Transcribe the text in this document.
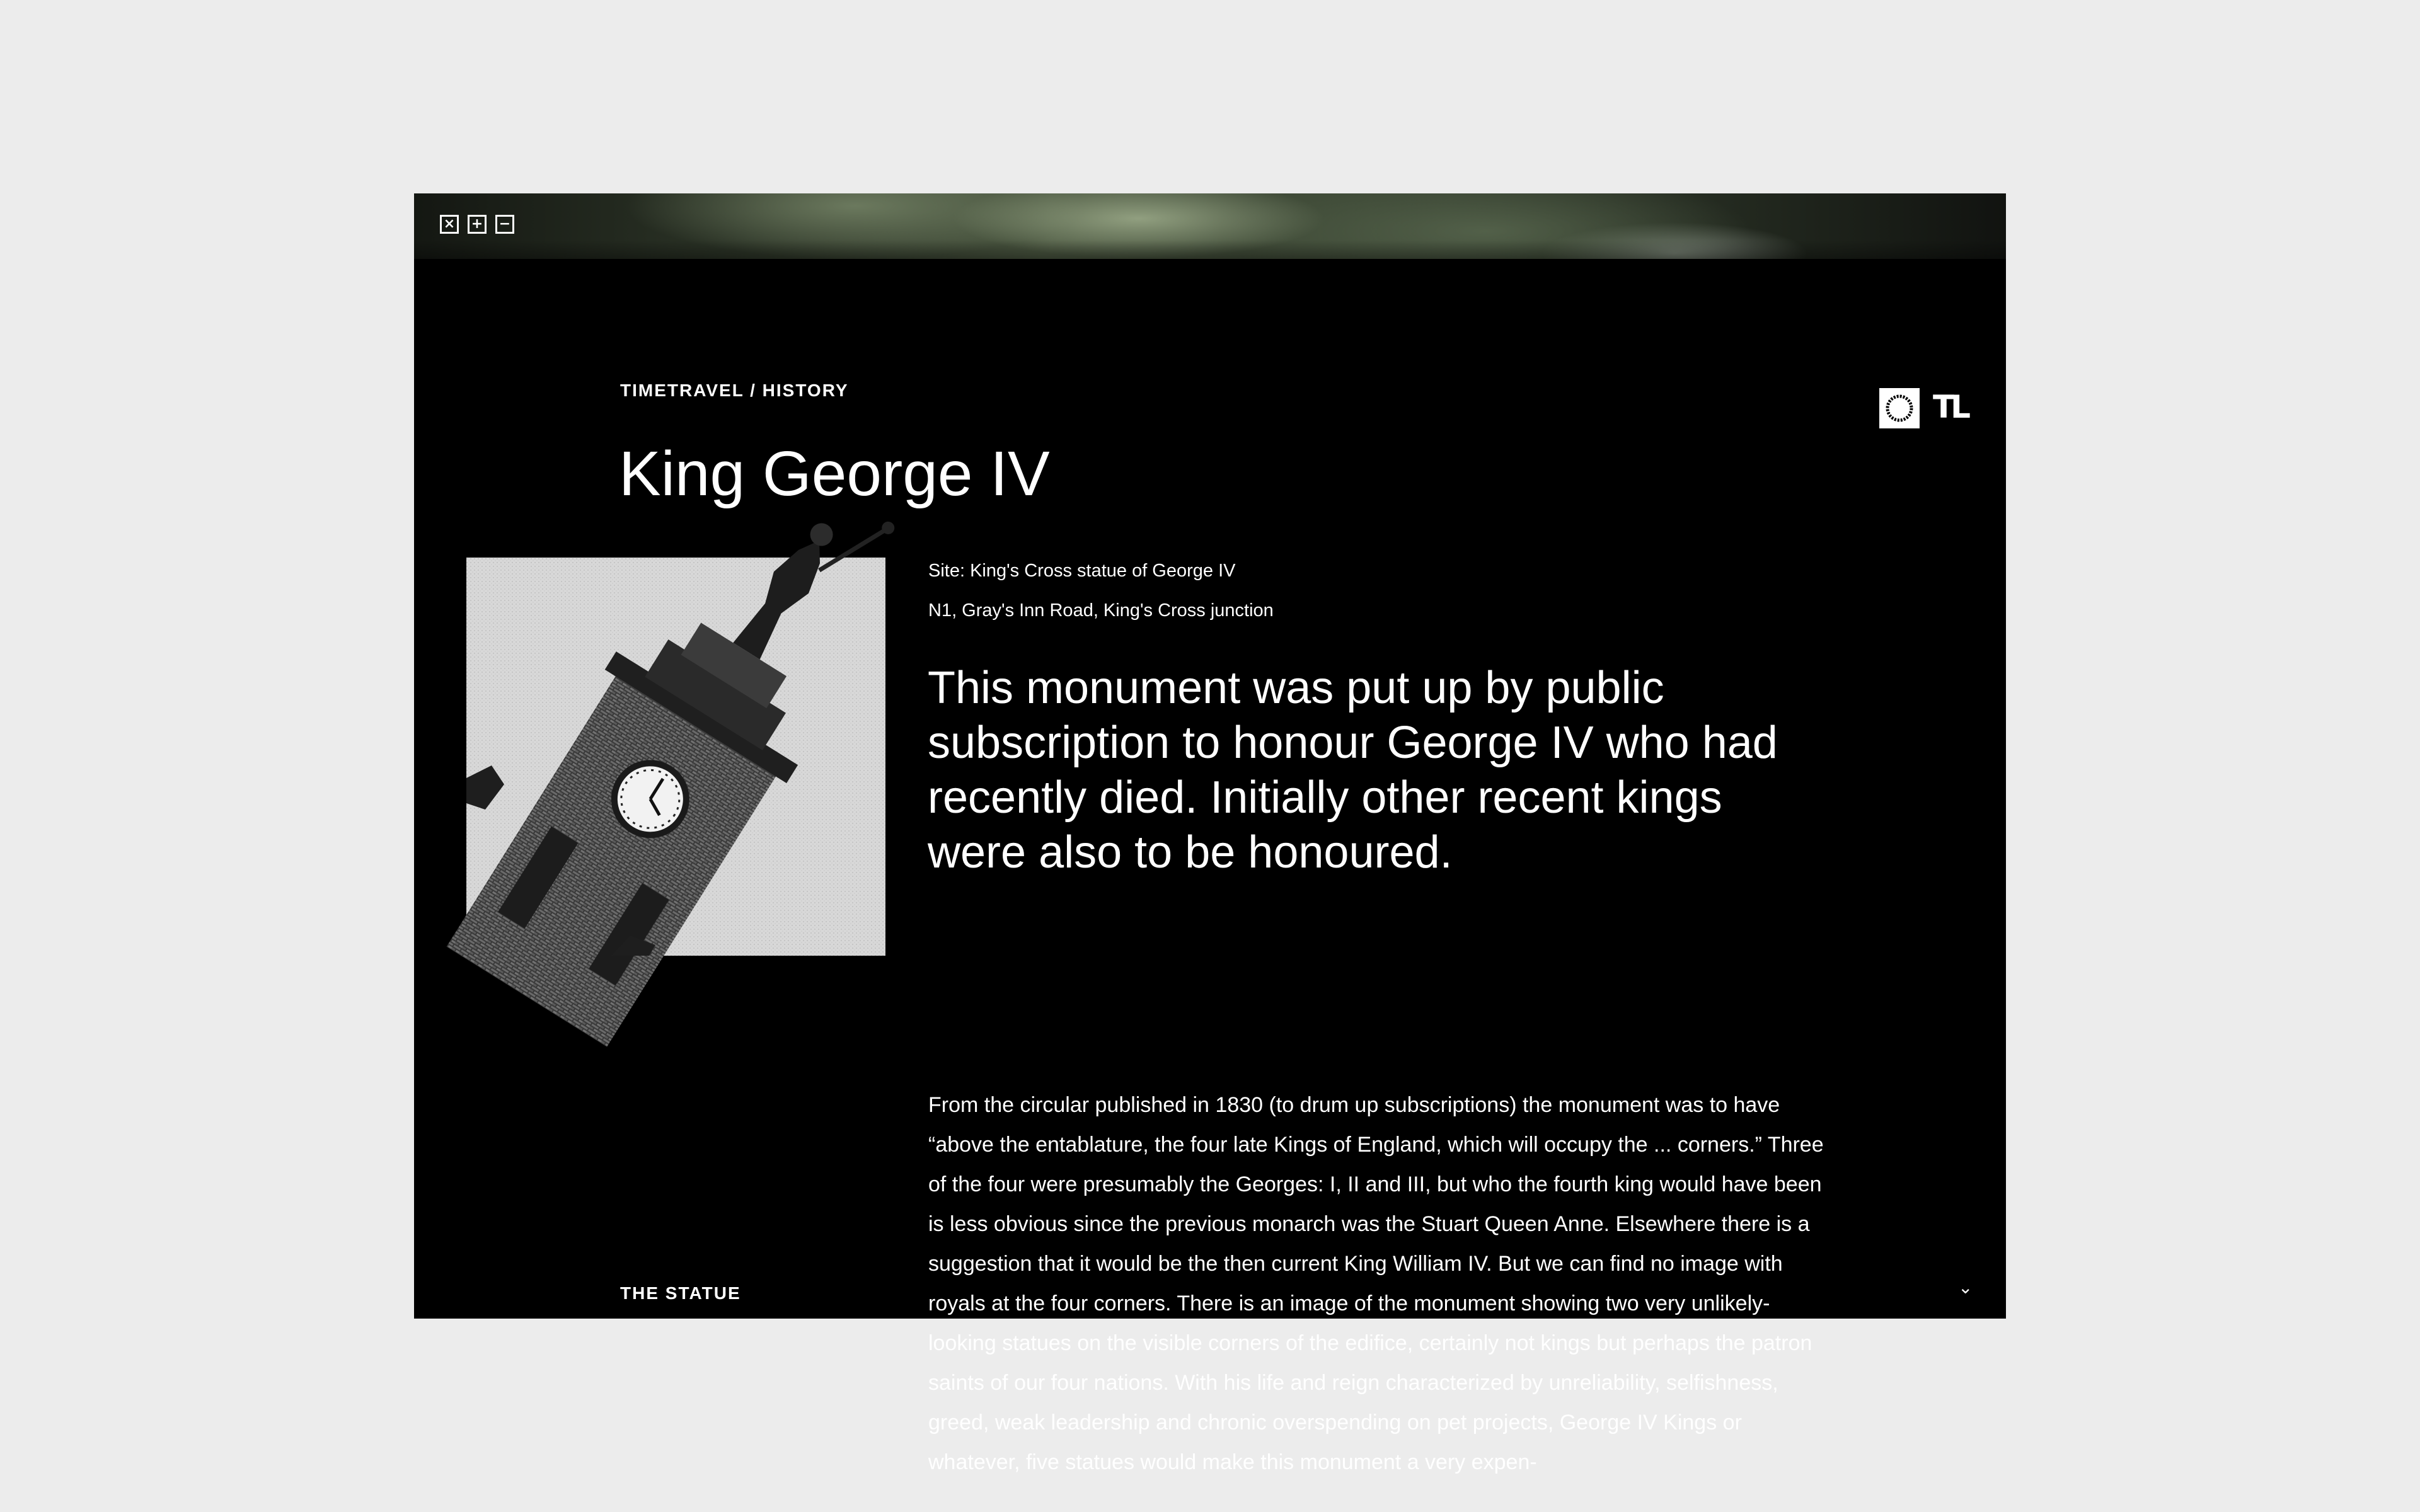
× + −
TIMETRAVEL / HISTORY	TL
King George IV
Site: King's Cross statue of George IV
N1, Gray's Inn Road, King's Cross junction

This monument was put up by public subscription to honour George IV who had recently died. Initially other recent kings were also to be honoured.

From the circular published in 1830 (to drum up subscriptions) the monument was to have “above the entablature, the four late Kings of England, which will occupy the ... corners.” Three of the four were presumably the Georges: I, II and III, but who the fourth king would have been is less obvious since the previous monarch was the Stuart Queen Anne. Elsewhere there is a suggestion that it would be the then current King William IV. But we can find no image with royals at the four corners. There is an image of the monument showing two very unlikely-looking statues on the visible corners of the edifice, certainly not kings but perhaps the patron saints of our four nations. With his life and reign characterized by unreliability, selfishness, greed, weak leadership and chronic overspending on pet projects, George IV Kings or whatever, five statues would make this monument a very expen-

THE STATUE	⌄
